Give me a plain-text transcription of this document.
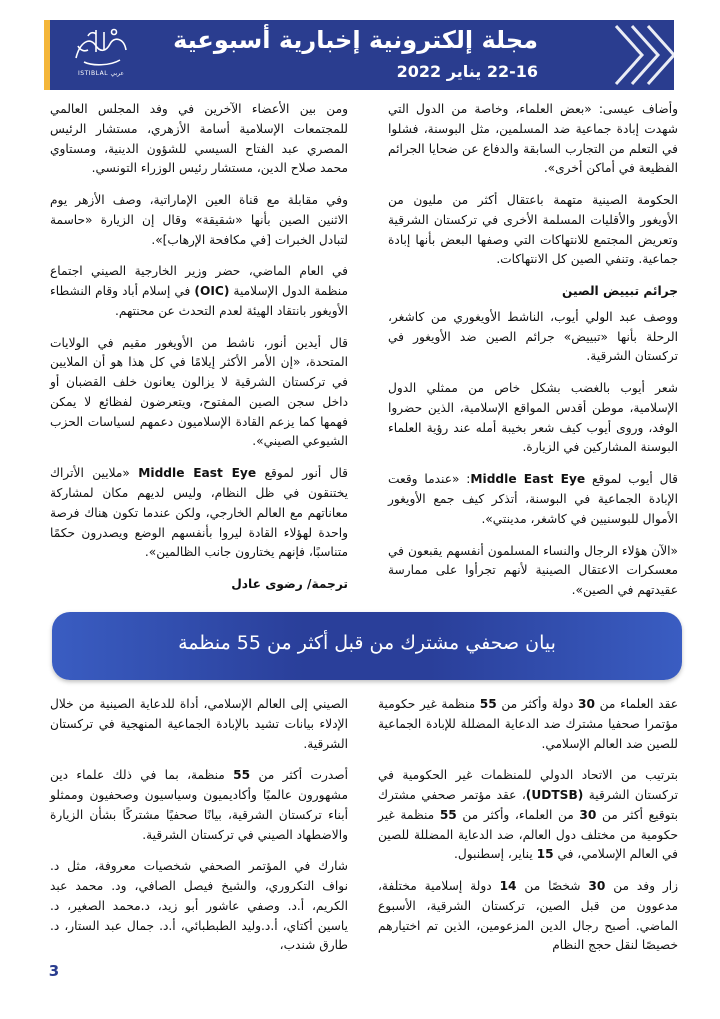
مجلة إلكترونية إخبارية أسبوعية
22-16 يناير 2022
ISTIBLAL عربي

وأضاف عيسى: «بعض العلماء، وخاصة من الدول التي شهدت إبادة جماعية ضد المسلمين، مثل البوسنة، فشلوا في التعلم من التجارب السابقة والدفاع عن ضحايا الجرائم الفظيعة في أماكن أخرى».

الحكومة الصينية متهمة باعتقال أكثر من مليون من الأويغور والأقليات المسلمة الأخرى في تركستان الشرقية وتعريض المجتمع للانتهاكات التي وصفها البعض بأنها إبادة جماعية. وتنفي الصين كل الانتهاكات.

جرائم تبييض الصين

ووصف عبد الولي أيوب، الناشط الأويغوري من كاشغر، الرحلة بأنها «تبييض» جرائم الصين ضد الأويغور في تركستان الشرقية.

شعر أيوب بالغضب بشكل خاص من ممثلي الدول الإسلامية، موطن أقدس المواقع الإسلامية، الذين حضروا الوفد، وروى أيوب كيف شعر بخيبة أمله عند رؤية العلماء البوسنة المشاركين في الزيارة.

قال أيوب لموقع Middle East Eye: «عندما وقعت الإبادة الجماعية في البوسنة، أتذكر كيف جمع الأويغور الأموال للبوسنيين في كاشغر، مدينتي».

«الآن هؤلاء الرجال والنساء المسلمون أنفسهم يقبعون في معسكرات الاعتقال الصينية لأنهم تجرأوا على ممارسة عقيدتهم في الصين».

ومن بين الأعضاء الآخرين في وفد المجلس العالمي للمجتمعات الإسلامية أسامة الأزهري، مستشار الرئيس المصري عبد الفتاح السيسي للشؤون الدينية، ومستاوي محمد صلاح الدين، مستشار رئيس الوزراء التونسي.

وفي مقابلة مع قناة العين الإماراتية، وصف الأزهر يوم الاثنين الصين بأنها «شقيقة» وقال إن الزيارة «حاسمة لتبادل الخبرات [في مكافحة الإرهاب]».

في العام الماضي، حضر وزير الخارجية الصيني اجتماع منظمة الدول الإسلامية (OIC) في إسلام أباد وقام النشطاء الأويغور بانتقاد الهيئة لعدم التحدث عن محنتهم.

قال أيدين أنور، ناشط من الأويغور مقيم في الولايات المتحدة، «إن الأمر الأكثر إيلامًا في كل هذا هو أن الملايين في تركستان الشرقية لا يزالون يعانون خلف القضبان أو داخل سجن الصين المفتوح، ويتعرضون لفظائع لا يمكن فهمها كما يزعم القادة الإسلاميون دعمهم لسياسات الحزب الشيوعي الصيني».

قال أنور لموقع Middle East Eye «ملايين الأتراك يختنقون في ظل النظام، وليس لديهم مكان لمشاركة معاناتهم مع العالم الخارجي، ولكن عندما تكون هناك فرصة واحدة لهؤلاء القادة ليروا بأنفسهم الوضع ويصدرون حكمًا متناسبًا، فإنهم يختارون جانب الظالمين».

ترجمة/ رضوى عادل

بيان صحفي مشترك من قبل أكثر من 55 منظمة

عقد العلماء من 30 دولة وأكثر من 55 منظمة غير حكومية مؤتمرا صحفيا مشترك ضد الدعاية المضللة للإبادة الجماعية للصين ضد العالم الإسلامي.

بترتيب من الاتحاد الدولي للمنظمات غير الحكومية في تركستان الشرقية (UDTSB)، عقد مؤتمر صحفي مشترك بتوقيع أكثر من 30 من العلماء، وأكثر من 55 منظمة غير حكومية من مختلف دول العالم، ضد الدعاية المضللة للصين في العالم الإسلامي، في 15 يناير، إسطنبول.

زار وفد من 30 شخصًا من 14 دولة إسلامية مختلفة، مدعوون من قبل الصين، تركستان الشرقية، الأسبوع الماضي. أصبح رجال الدين المزعومين، الذين تم اختيارهم خصيصًا لنقل حجج النظام

الصيني إلى العالم الإسلامي، أداة للدعاية الصينية من خلال الإدلاء بيانات تشيد بالإبادة الجماعية المنهجية في تركستان الشرقية.

أصدرت أكثر من 55 منظمة، بما في ذلك علماء دين مشهورون عالميًا وأكاديميون وسياسيون وصحفيون وممثلو أبناء تركستان الشرقية، بيانًا صحفيًا مشتركًا بشأن الزيارة والاضطهاد الصيني في تركستان الشرقية.

شارك في المؤتمر الصحفي شخصيات معروفة، مثل د. نواف التكروري، والشيخ فيصل الصافي، ود. محمد عبد الكريم، أ.د. وصفي عاشور أبو زيد، د.محمد الصغير، د. ياسين أكتاي، أ.د.وليد الطبطبائي، أ.د. جمال عبد الستار، د. طارق شندب،

3
